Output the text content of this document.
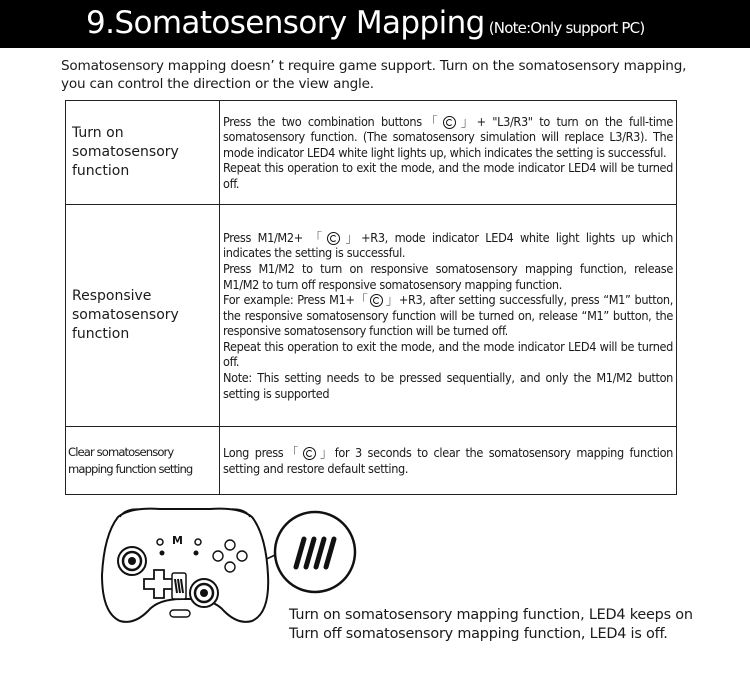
9.Somatosensory Mapping (Note:Only support PC)
Somatosensory mapping doesn’ t require game support. Turn on the somatosensory mapping, you can control the direction or the view angle.
Turn on somatosensory function	Press the two combination buttons「 」+ "L3/R3" to turn on the full-time somatosensory function. (The somatosensory simulation will replace L3/R3). The mode indicator LED4 white light lights up, which indicates the setting is successful.

Repeat this operation to exit the mode, and the mode indicator LED4 will be turned off.

Responsive somatosensory function	Press M1/M2+ 「 」+R3, mode indicator LED4 white light lights up which indicates the setting is successful.

Press M1/M2 to turn on responsive somatosensory mapping function, release M1/M2 to turn off responsive somatosensory mapping function.

For example: Press M1+「 」+R3, after setting successfully, press “M1” button, the responsive somatosensory function will be turned on, release “M1” button, the responsive somatosensory function will be turned off.

Repeat this operation to exit the mode, and the mode indicator LED4 will be turned off.

Note: This setting needs to be pressed sequentially, and only the M1/M2 button setting is supported

Clear somatosensory mapping function setting	Long press「 」for 3 seconds to clear the somatosensory mapping function setting and restore default setting.

M
Turn on somatosensory mapping function, LED4 keeps on
Turn off somatosensory mapping function, LED4 is off.
